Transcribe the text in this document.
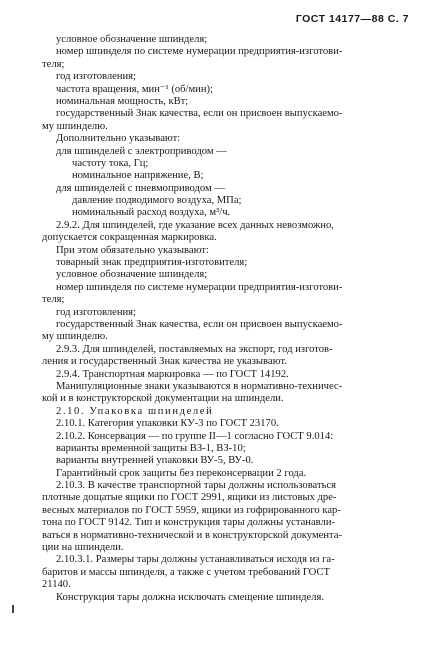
ГОСТ 14177—88 С. 7
условное обозначение шпинделя;
номер шпинделя по системе нумерации предприятия-изготови-
теля;
год изготовления;
частота вращения, мин⁻¹ (об/мин);
номинальная мощность, кВт;
государственный Знак качества, если он присвоен выпускаемо-
му шпинделю.
Дополнительно указывают:
для шпинделей с электроприводом —
частоту тока, Гц;
номинальное напряжение, В;
для шпинделей с пневмоприводом —
давление подводимого воздуха, МПа;
номинальный расход воздуха, м³/ч.
2.9.2. Для шпинделей, где указание всех данных невозможно,
допускается сокращенная маркировка.
При этом обязательно указывают:
товарный знак предприятия-изготовителя;
условное обозначение шпинделя;
номер шпинделя по системе нумерации предприятия-изготови-
теля;
год изготовления;
государственный Знак качества, если он присвоен выпускаемо-
му шпинделю.
2.9.3. Для шпинделей, поставляемых на экспорт, год изготов-
ления и государственный Знак качества не указывают.
2.9.4. Транспортная маркировка — по ГОСТ 14192.
Манипуляционные знаки указываются в нормативно-техничес-
кой и в конструкторской документации на шпиндели.
2.10. Упаковка шпинделей
2.10.1. Категория упаковки КУ-3 по ГОСТ 23170.
2.10.2. Консервация — по группе II—1 согласно ГОСТ 9.014:
варианты временной защиты ВЗ-1, ВЗ-10;
варианты внутренней упаковки ВУ-5, ВУ-0.
Гарантийный срок защиты без переконсервации 2 года.
2.10.3. В качестве транспортной тары должны использоваться
плотные дощатые ящики по ГОСТ 2991, ящики из листовых дре-
весных материалов по ГОСТ 5959, ящики из гофрированного кар-
тона по ГОСТ 9142. Тип и конструкция тары должны устанавли-
ваться в нормативно-технической и в конструкторской документа-
ции на шпиндели.
2.10.3.1. Размеры тары должны устанавливаться исходя из га-
баритов и массы шпинделя, а также с учетом требований ГОСТ
21140.
Конструкция тары должна исключать смещение шпинделя.
